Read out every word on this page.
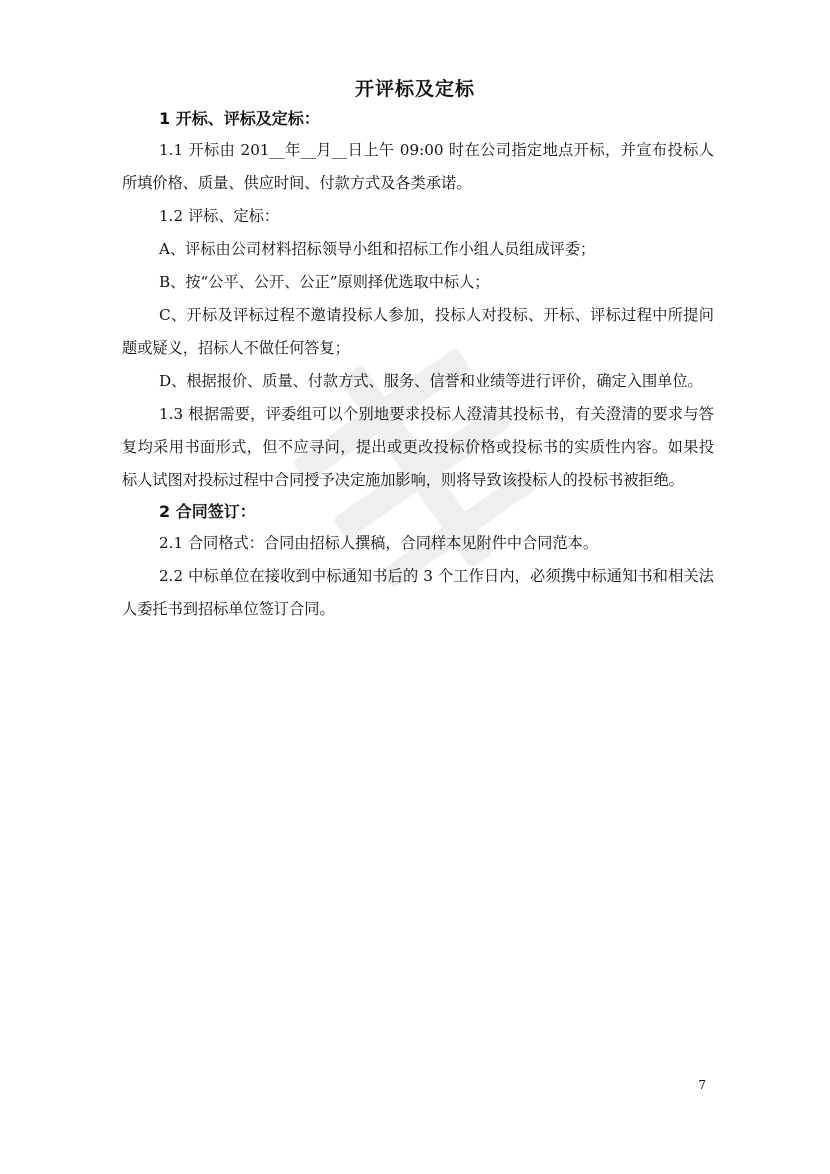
开评标及定标
1 开标、评标及定标：

1.1 开标由 201__年__月__日上午 09:00 时在公司指定地点开标，并宣布投标人所填价格、质量、供应时间、付款方式及各类承诺。

1.2 评标、定标：

A、评标由公司材料招标领导小组和招标工作小组人员组成评委；

B、按“公平、公开、公正”原则择优选取中标人；

C、开标及评标过程不邀请投标人参加，投标人对投标、开标、评标过程中所提问题或疑义，招标人不做任何答复；

D、根据报价、质量、付款方式、服务、信誉和业绩等进行评价，确定入围单位。

1.3 根据需要，评委组可以个别地要求投标人澄清其投标书，有关澄清的要求与答复均采用书面形式，但不应寻问，提出或更改投标价格或投标书的实质性内容。如果投标人试图对投标过程中合同授予决定施加影响，则将导致该投标人的投标书被拒绝。

2 合同签订：

2.1 合同格式：合同由招标人撰稿，合同样本见附件中合同范本。

2.2 中标单位在接收到中标通知书后的 3 个工作日内，必须携中标通知书和相关法人委托书到招标单位签订合同。

7
